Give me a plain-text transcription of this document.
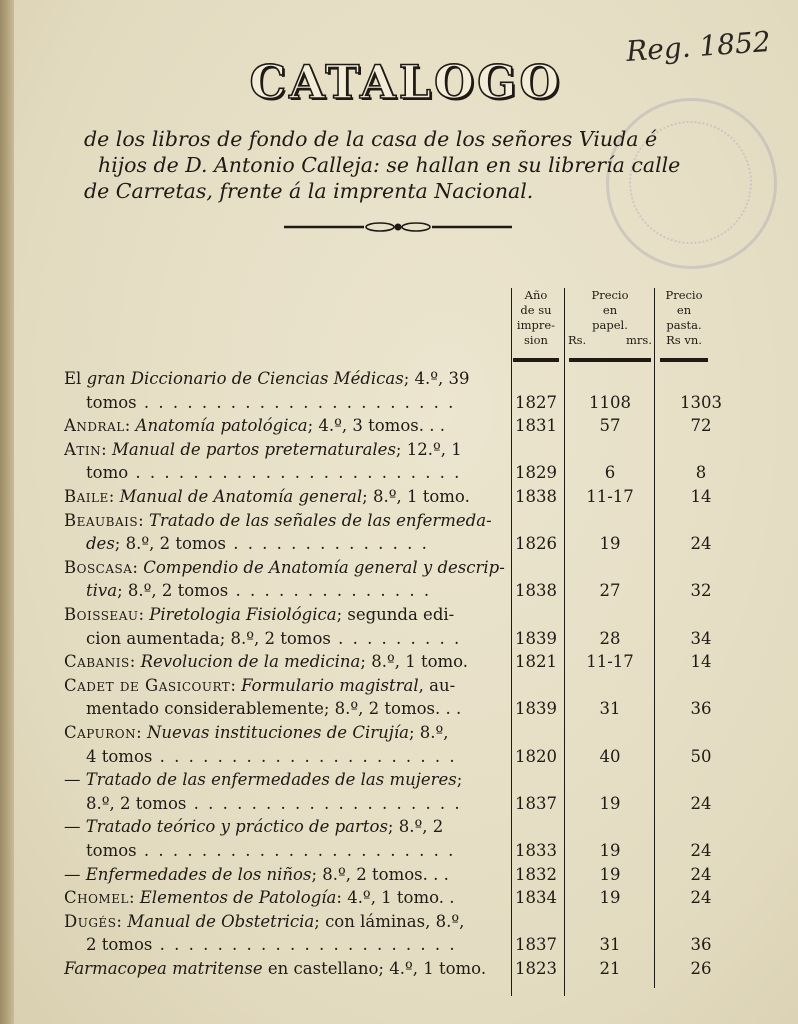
Reg. 1852
CATALOGO
de los libros de fondo de la casa de los señores Viuda é
hijos de D. Antonio Calleja: se hallan en su librería calle
de Carretas, frente á la imprenta Nacional.
Año
de su
impre-
sion
Precio
en
papel.
Rs.	mrs.
Precio
en
pasta.
Rs vn.
El gran Diccionario de Ciencias Médicas; 4.º, 39
tomos . . . . . . . . . . . . . . . . . . . . . .	1827	1108	1303
Andral: Anatomía patológica; 4.º, 3 tomos. . .	1831	57	72
Atin: Manual de partos preternaturales; 12.º, 1
tomo . . . . . . . . . . . . . . . . . . . . . . .	1829	6	8
Baile: Manual de Anatomía general; 8.º, 1 tomo.	1838	11-17	14
Beaubais: Tratado de las señales de las enfermeda-
des; 8.º, 2 tomos . . . . . . . . . . . . . .	1826	19	24
Boscasa: Compendio de Anatomía general y descrip-
tiva; 8.º, 2 tomos . . . . . . . . . . . . . .	1838	27	32
Boisseau: Piretologia Fisiológica; segunda edi-
cion aumentada; 8.º, 2 tomos . . . . . . . . .	1839	28	34
Cabanis: Revolucion de la medicina; 8.º, 1 tomo.	1821	11-17	14
Cadet de Gasicourt: Formulario magistral, au-
mentado considerablemente; 8.º, 2 tomos. . .	1839	31	36
Capuron: Nuevas instituciones de Cirujía; 8.º,
4 tomos . . . . . . . . . . . . . . . . . . . . .	1820	40	50
— Tratado de las enfermedades de las mujeres;
8.º, 2 tomos . . . . . . . . . . . . . . . . . . .	1837	19	24
— Tratado teórico y práctico de partos; 8.º, 2
tomos . . . . . . . . . . . . . . . . . . . . . .	1833	19	24
— Enfermedades de los niños; 8.º, 2 tomos. . .	1832	19	24
Chomel: Elementos de Patología: 4.º, 1 tomo. .	1834	19	24
Dugés: Manual de Obstetricia; con láminas, 8.º,
2 tomos . . . . . . . . . . . . . . . . . . . . .	1837	31	36
Farmacopea matritense en castellano; 4.º, 1 tomo.	1823	21	26
